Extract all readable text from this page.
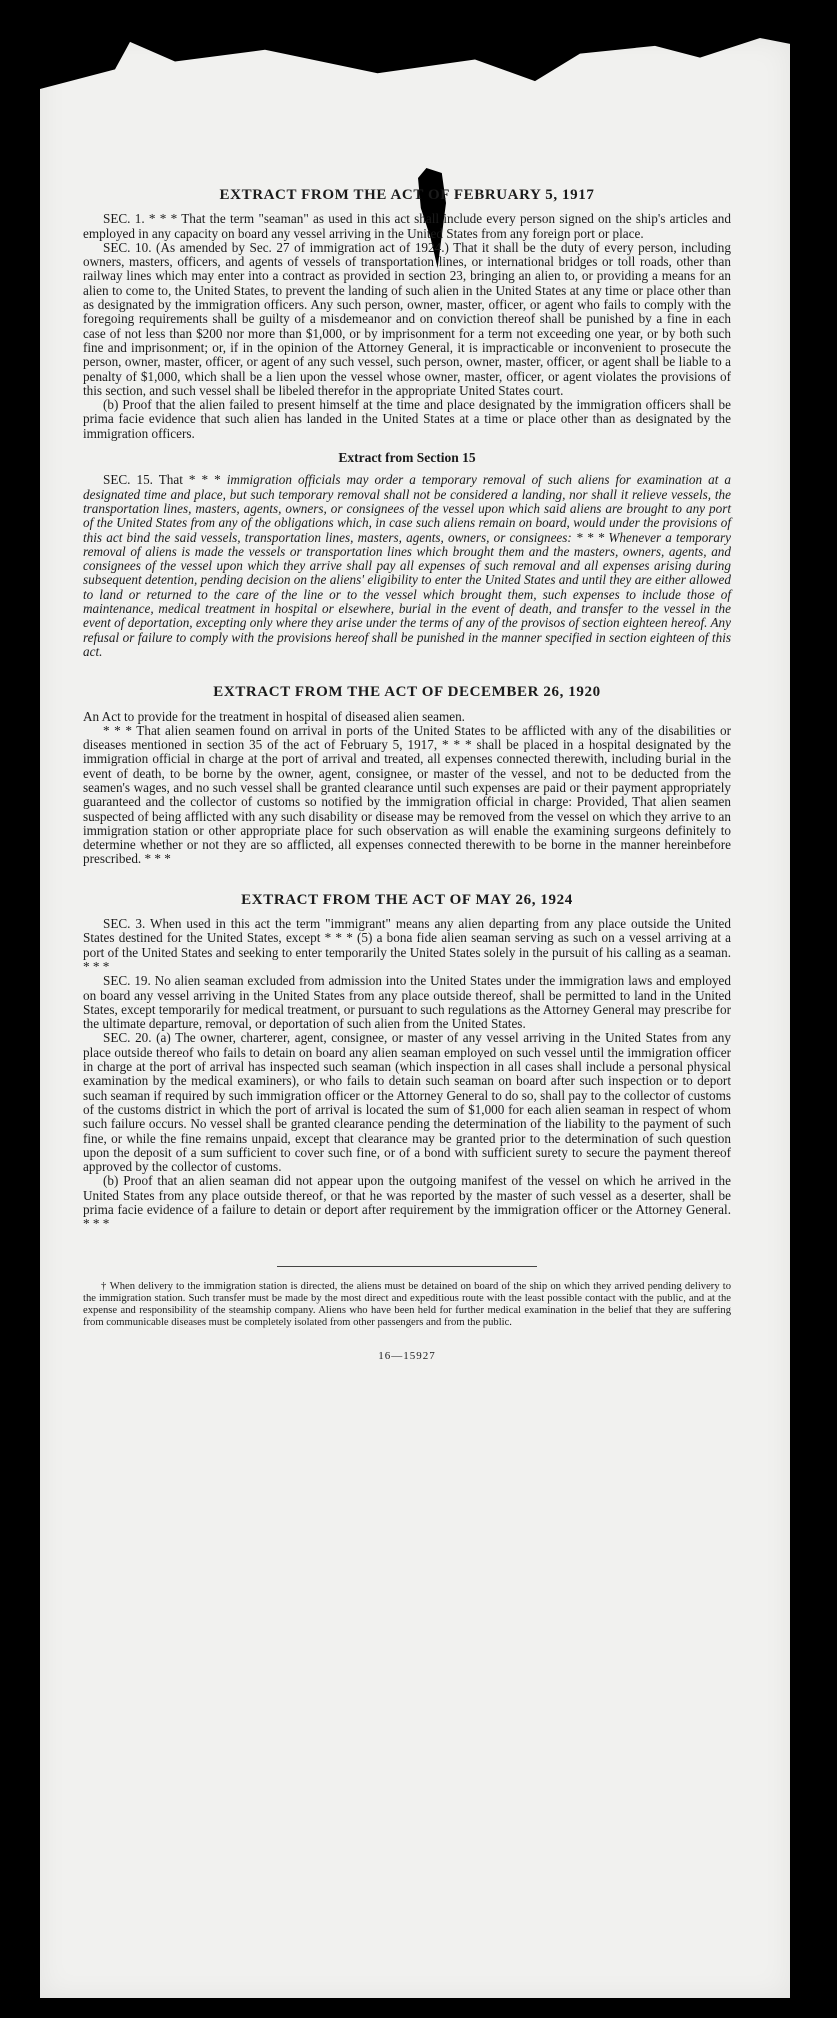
EXTRACT FROM THE ACT OF FEBRUARY 5, 1917

SEC. 1. * * * That the term "seaman" as used in this act shall include every person signed on the ship's articles and employed in any capacity on board any vessel arriving in the United States from any foreign port or place.

SEC. 10. (As amended by Sec. 27 of immigration act of 1924.) That it shall be the duty of every person, including owners, masters, officers, and agents of vessels of transportation lines, or international bridges or toll roads, other than railway lines which may enter into a contract as provided in section 23, bringing an alien to, or providing a means for an alien to come to, the United States, to prevent the landing of such alien in the United States at any time or place other than as designated by the immigration officers. Any such person, owner, master, officer, or agent who fails to comply with the foregoing requirements shall be guilty of a misdemeanor and on conviction thereof shall be punished by a fine in each case of not less than $200 nor more than $1,000, or by imprisonment for a term not exceeding one year, or by both such fine and imprisonment; or, if in the opinion of the Attorney General, it is impracticable or inconvenient to prosecute the person, owner, master, officer, or agent of any such vessel, such person, owner, master, officer, or agent shall be liable to a penalty of $1,000, which shall be a lien upon the vessel whose owner, master, officer, or agent violates the provisions of this section, and such vessel shall be libeled therefor in the appropriate United States court.

(b) Proof that the alien failed to present himself at the time and place designated by the immigration officers shall be prima facie evidence that such alien has landed in the United States at a time or place other than as designated by the immigration officers.

Extract from Section 15

SEC. 15. That * * * immigration officials may order a temporary removal of such aliens for examination at a designated time and place, but such temporary removal shall not be considered a landing, nor shall it relieve vessels, the transportation lines, masters, agents, owners, or consignees of the vessel upon which said aliens are brought to any port of the United States from any of the obligations which, in case such aliens remain on board, would under the provisions of this act bind the said vessels, transportation lines, masters, agents, owners, or consignees: * * * Whenever a temporary removal of aliens is made the vessels or transportation lines which brought them and the masters, owners, agents, and consignees of the vessel upon which they arrive shall pay all expenses of such removal and all expenses arising during subsequent detention, pending decision on the aliens' eligibility to enter the United States and until they are either allowed to land or returned to the care of the line or to the vessel which brought them, such expenses to include those of maintenance, medical treatment in hospital or elsewhere, burial in the event of death, and transfer to the vessel in the event of deportation, excepting only where they arise under the terms of any of the provisos of section eighteen hereof. Any refusal or failure to comply with the provisions hereof shall be punished in the manner specified in section eighteen of this act.

EXTRACT FROM THE ACT OF DECEMBER 26, 1920

An Act to provide for the treatment in hospital of diseased alien seamen.

* * * That alien seamen found on arrival in ports of the United States to be afflicted with any of the disabilities or diseases mentioned in section 35 of the act of February 5, 1917, * * * shall be placed in a hospital designated by the immigration official in charge at the port of arrival and treated, all expenses connected therewith, including burial in the event of death, to be borne by the owner, agent, consignee, or master of the vessel, and not to be deducted from the seamen's wages, and no such vessel shall be granted clearance until such expenses are paid or their payment appropriately guaranteed and the collector of customs so notified by the immigration official in charge: Provided, That alien seamen suspected of being afflicted with any such disability or disease may be removed from the vessel on which they arrive to an immigration station or other appropriate place for such observation as will enable the examining surgeons definitely to determine whether or not they are so afflicted, all expenses connected therewith to be borne in the manner hereinbefore prescribed. * * *

EXTRACT FROM THE ACT OF MAY 26, 1924

SEC. 3. When used in this act the term "immigrant" means any alien departing from any place outside the United States destined for the United States, except * * * (5) a bona fide alien seaman serving as such on a vessel arriving at a port of the United States and seeking to enter temporarily the United States solely in the pursuit of his calling as a seaman. * * *

SEC. 19. No alien seaman excluded from admission into the United States under the immigration laws and employed on board any vessel arriving in the United States from any place outside thereof, shall be permitted to land in the United States, except temporarily for medical treatment, or pursuant to such regulations as the Attorney General may prescribe for the ultimate departure, removal, or deportation of such alien from the United States.

SEC. 20. (a) The owner, charterer, agent, consignee, or master of any vessel arriving in the United States from any place outside thereof who fails to detain on board any alien seaman employed on such vessel until the immigration officer in charge at the port of arrival has inspected such seaman (which inspection in all cases shall include a personal physical examination by the medical examiners), or who fails to detain such seaman on board after such inspection or to deport such seaman if required by such immigration officer or the Attorney General to do so, shall pay to the collector of customs of the customs district in which the port of arrival is located the sum of $1,000 for each alien seaman in respect of whom such failure occurs. No vessel shall be granted clearance pending the determination of the liability to the payment of such fine, or while the fine remains unpaid, except that clearance may be granted prior to the determination of such question upon the deposit of a sum sufficient to cover such fine, or of a bond with sufficient surety to secure the payment thereof approved by the collector of customs.

(b) Proof that an alien seaman did not appear upon the outgoing manifest of the vessel on which he arrived in the United States from any place outside thereof, or that he was reported by the master of such vessel as a deserter, shall be prima facie evidence of a failure to detain or deport after requirement by the immigration officer or the Attorney General. * * *

† When delivery to the immigration station is directed, the aliens must be detained on board of the ship on which they arrived pending delivery to the immigration station. Such transfer must be made by the most direct and expeditious route with the least possible contact with the public, and at the expense and responsibility of the steamship company. Aliens who have been held for further medical examination in the belief that they are suffering from communicable diseases must be completely isolated from other passengers and from the public.

16—15927
